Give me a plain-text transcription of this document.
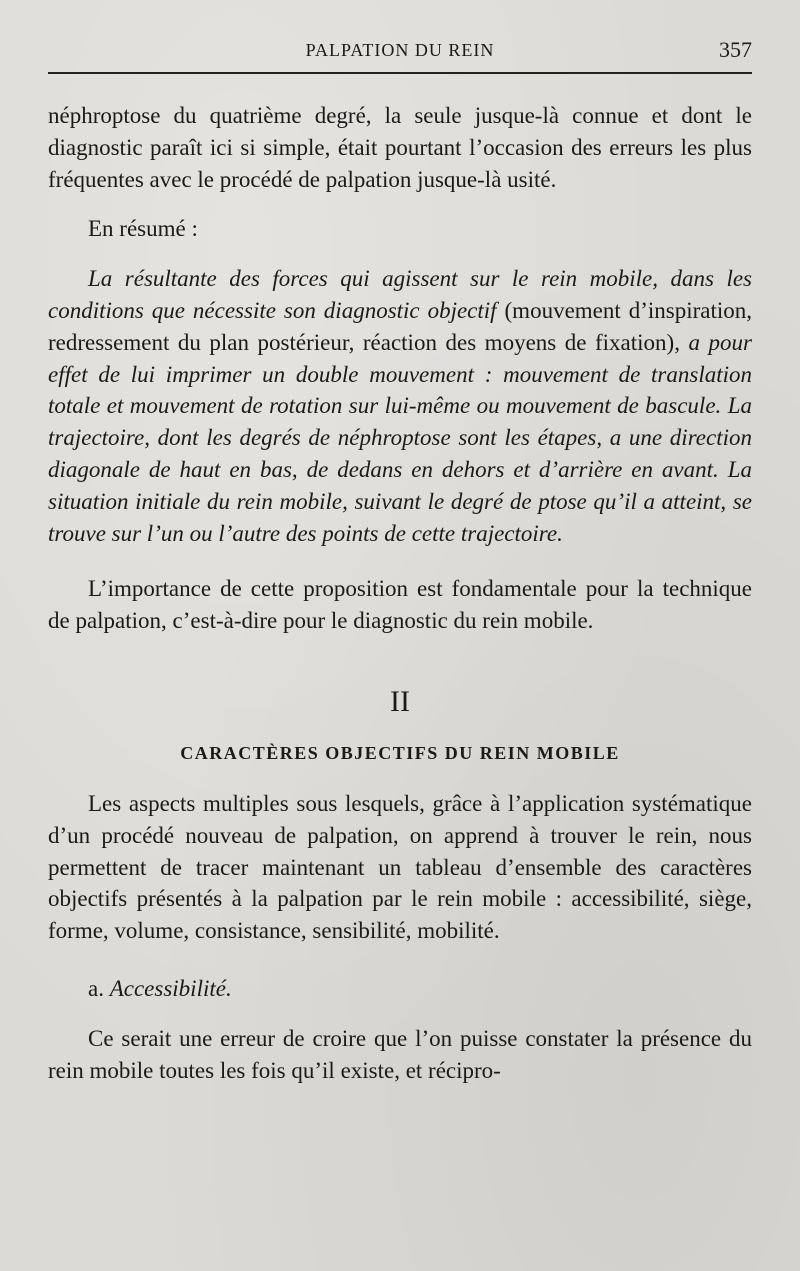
PALPATION DU REIN	357

néphroptose du quatrième degré, la seule jusque-là connue et dont le diagnostic paraît ici si simple, était pourtant l’occasion des erreurs les plus fréquentes avec le procédé de palpation jusque-là usité.

En résumé :

La résultante des forces qui agissent sur le rein mobile, dans les conditions que nécessite son diagnostic objectif (mouvement d’inspiration, redressement du plan postérieur, réaction des moyens de fixation), a pour effet de lui imprimer un double mouvement : mouvement de translation totale et mouvement de rotation sur lui-même ou mouvement de bascule. La trajectoire, dont les degrés de néphroptose sont les étapes, a une direction diagonale de haut en bas, de dedans en dehors et d’arrière en avant. La situation initiale du rein mobile, suivant le degré de ptose qu’il a atteint, se trouve sur l’un ou l’autre des points de cette trajectoire.

L’importance de cette proposition est fondamentale pour la technique de palpation, c’est-à-dire pour le diagnostic du rein mobile.

II
CARACTÈRES OBJECTIFS DU REIN MOBILE

Les aspects multiples sous lesquels, grâce à l’application systématique d’un procédé nouveau de palpation, on apprend à trouver le rein, nous permettent de tracer maintenant un tableau d’ensemble des caractères objectifs présentés à la palpation par le rein mobile : accessibilité, siège, forme, volume, consistance, sensibilité, mobilité.

a. Accessibilité.

Ce serait une erreur de croire que l’on puisse constater la présence du rein mobile toutes les fois qu’il existe, et récipro-
